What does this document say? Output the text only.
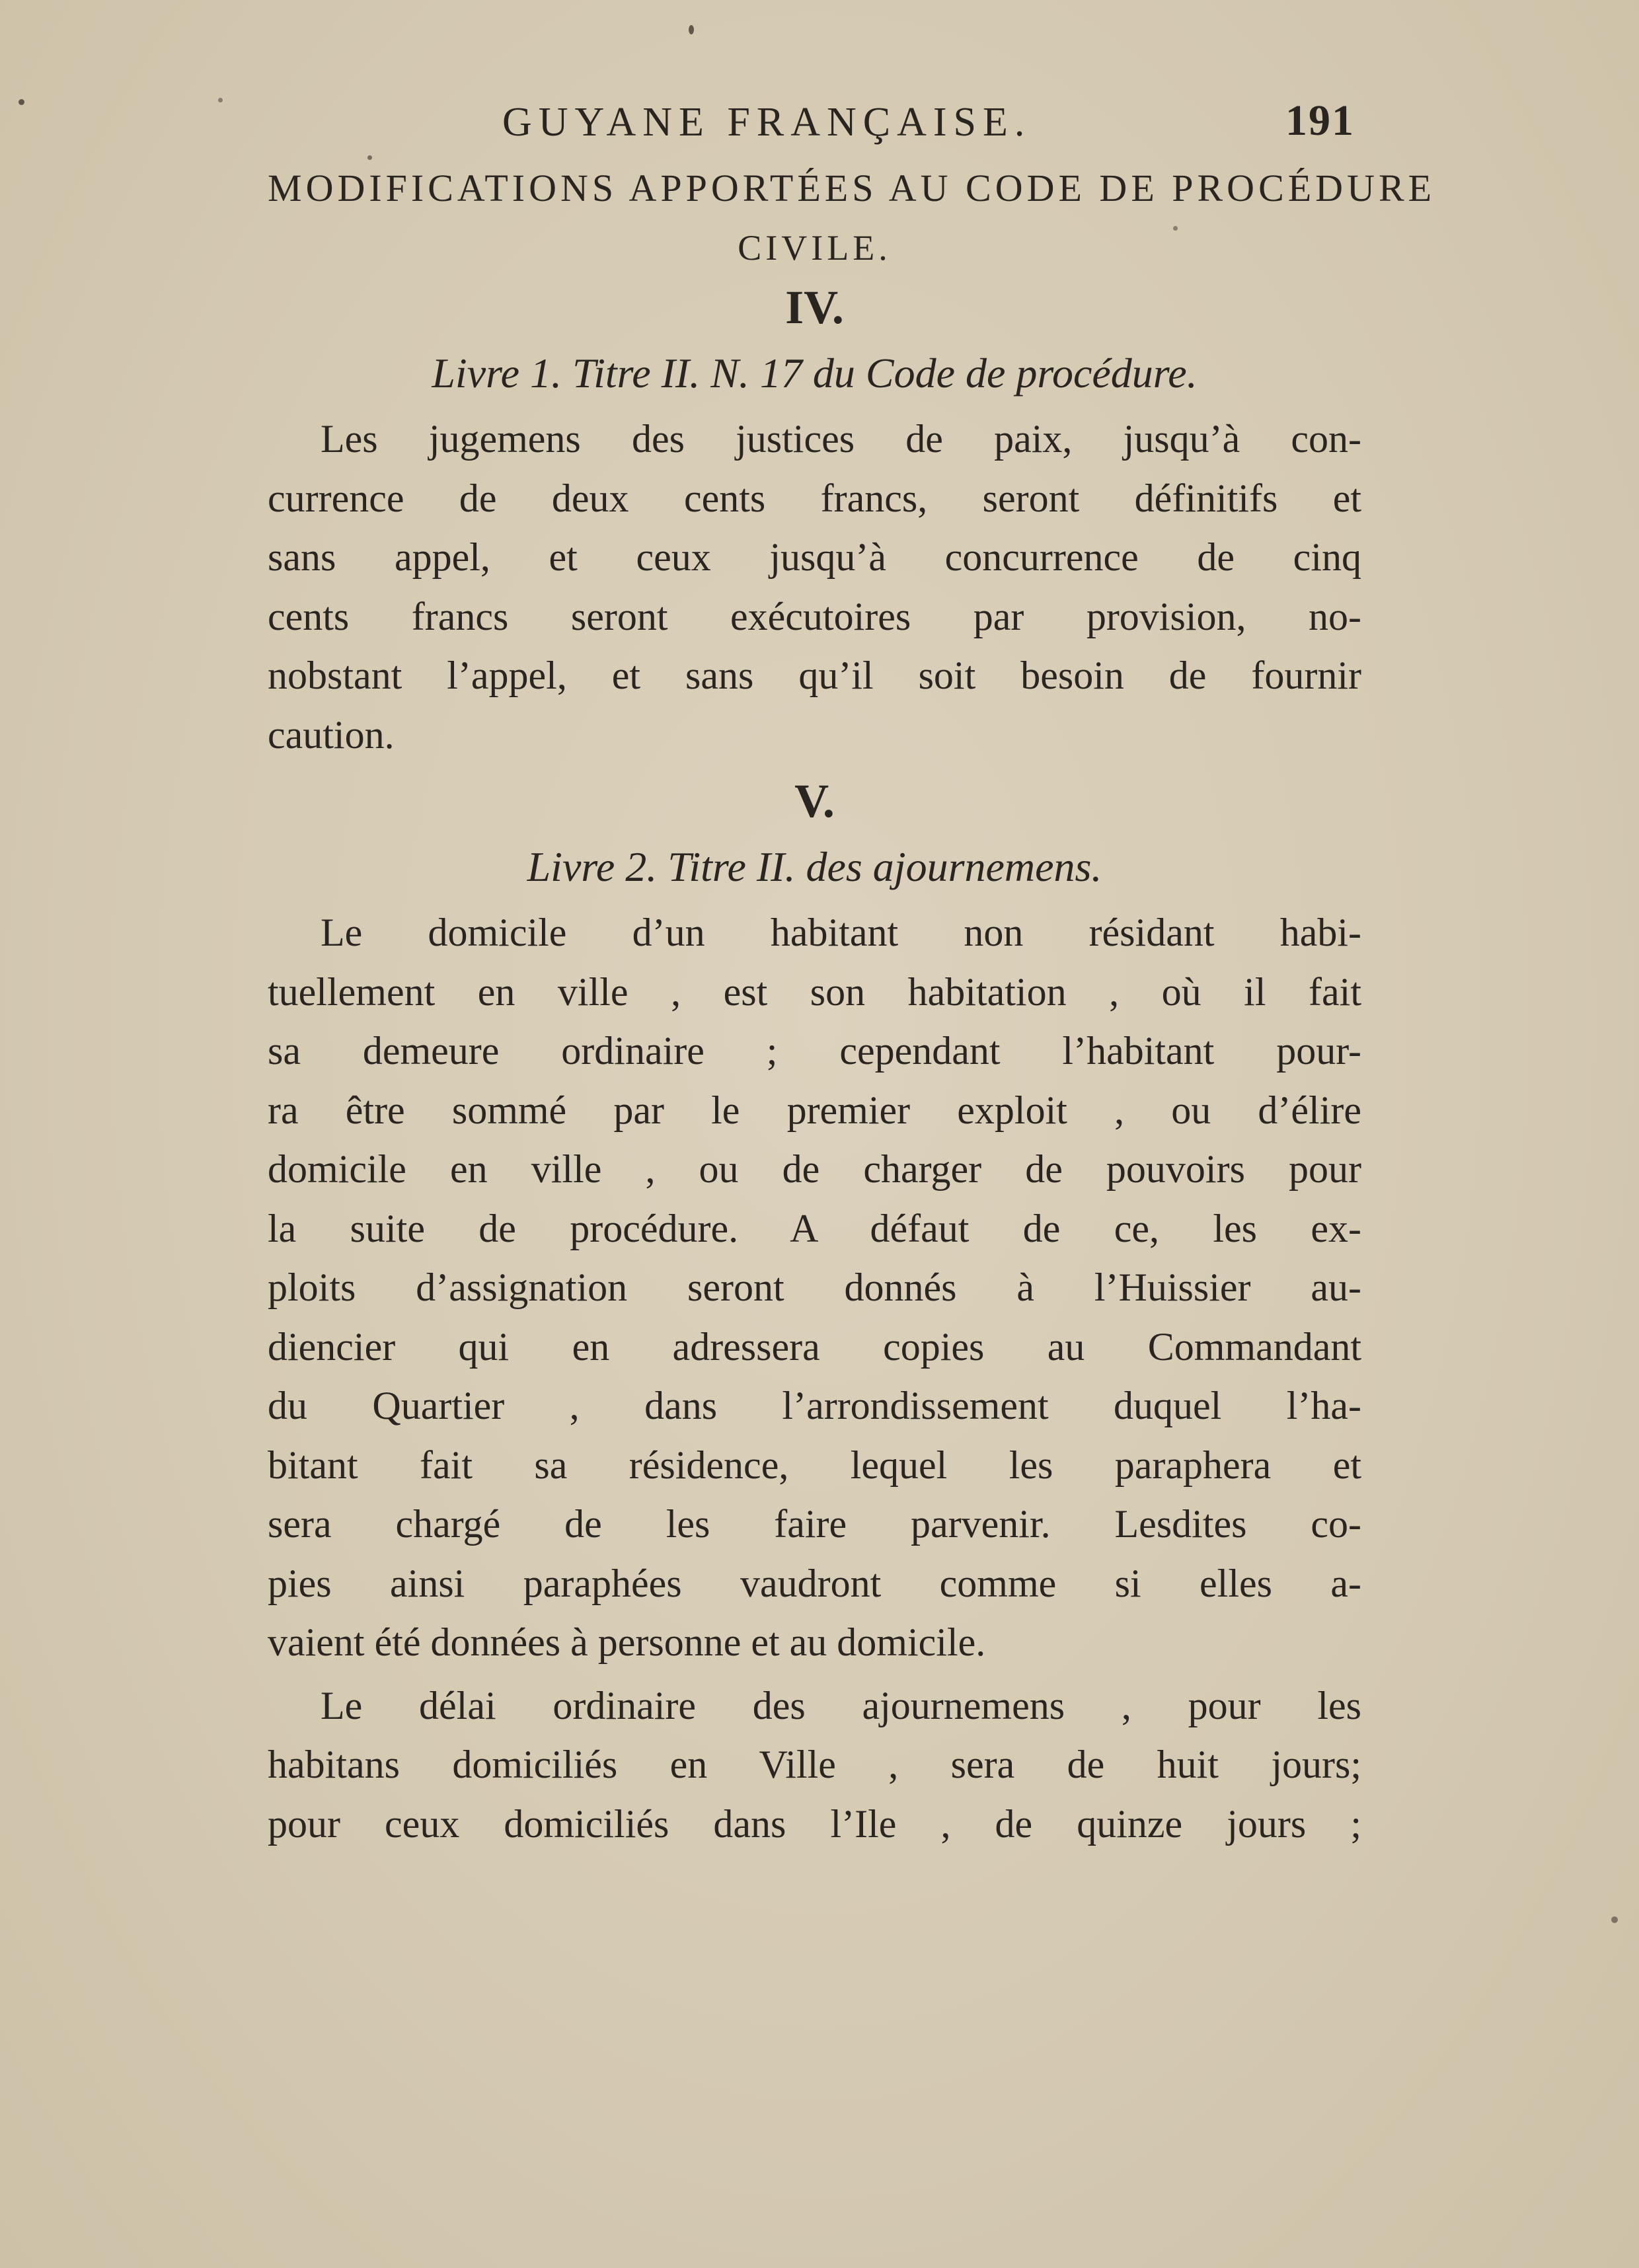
GUYANE FRANÇAISE.	191

MODIFICATIONS APPORTÉES AU CODE DE PROCÉDURE

CIVILE.

IV.

Livre 1. Titre II. N. 17 du Code de procédure.

Les jugemens des justices de paix, jusqu’à con-
currence de deux cents francs, seront définitifs et
sans appel, et ceux jusqu’à concurrence de cinq
cents francs seront exécutoires par provision, no-
nobstant l’appel, et sans qu’il soit besoin de fournir
caution.

V.

Livre 2. Titre II. des ajournemens.

Le domicile d’un habitant non résidant habi-
tuellement en ville , est son habitation , où il fait
sa demeure ordinaire ; cependant l’habitant pour-
ra être sommé par le premier exploit , ou d’élire
domicile en ville , ou de charger de pouvoirs pour
la suite de procédure. A défaut de ce, les ex-
ploits d’assignation seront donnés à l’Huissier au-
diencier qui en adressera copies au Commandant
du Quartier , dans l’arrondissement duquel l’ha-
bitant fait sa résidence, lequel les paraphera et
sera chargé de les faire parvenir. Lesdites co-
pies ainsi paraphées vaudront comme si elles a-
vaient été données à personne et au domicile.

Le délai ordinaire des ajournemens , pour les
habitans domiciliés en Ville , sera de huit jours;
pour ceux domiciliés dans l’Ile , de quinze jours ;
